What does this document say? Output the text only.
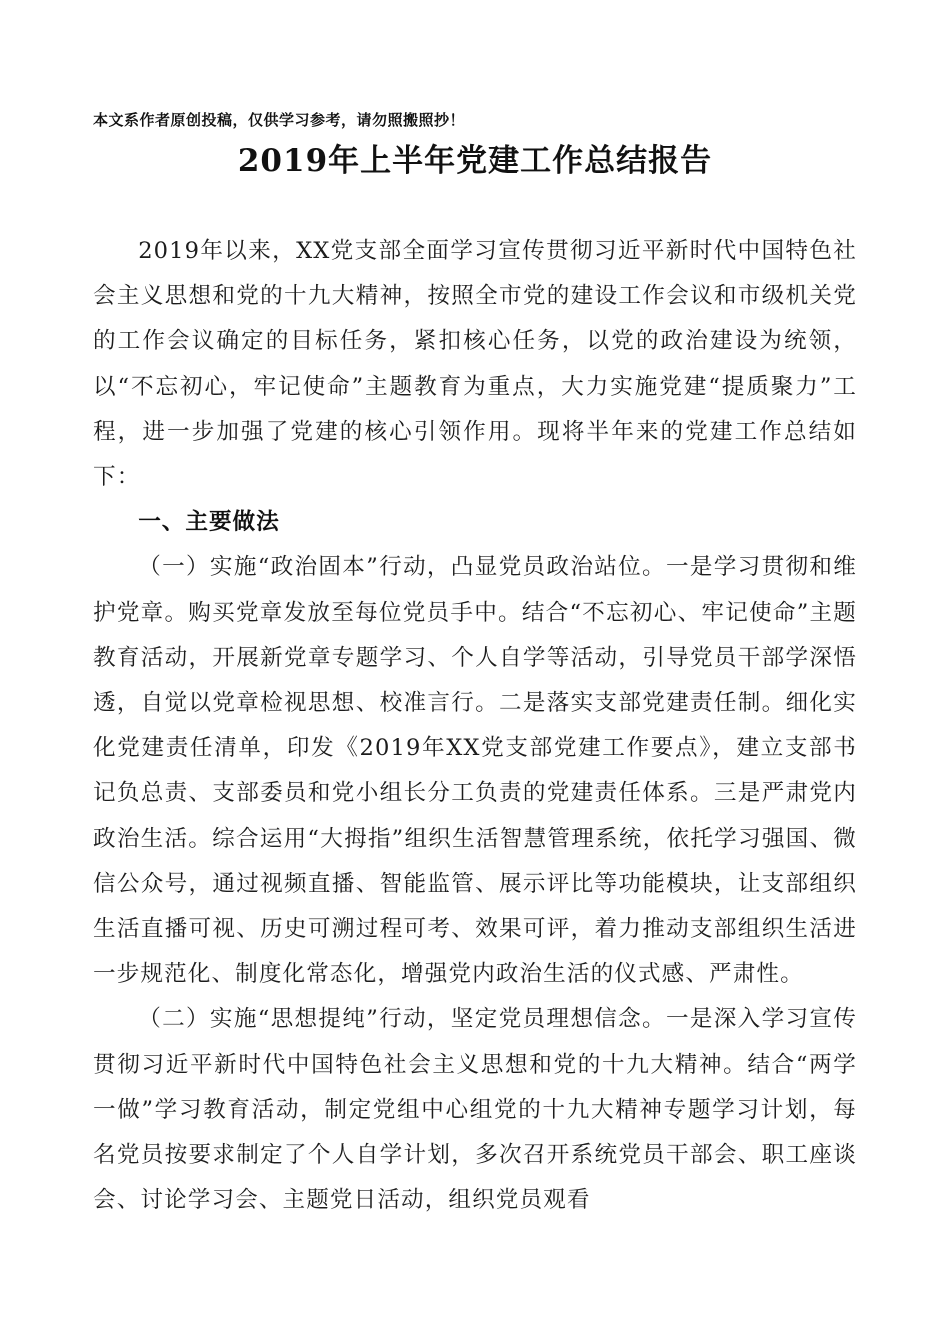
本文系作者原创投稿，仅供学习参考，请勿照搬照抄！
2019年上半年党建工作总结报告

2019年以来，XX党支部全面学习宣传贯彻习近平新时代中国特色社会主义思想和党的十九大精神，按照全市党的建设工作会议和市级机关党的工作会议确定的目标任务，紧扣核心任务，以党的政治建设为统领，以“不忘初心，牢记使命”主题教育为重点，大力实施党建“提质聚力”工程，进一步加强了党建的核心引领作用。现将半年来的党建工作总结如下：

一、主要做法

（一）实施“政治固本”行动，凸显党员政治站位。一是学习贯彻和维护党章。购买党章发放至每位党员手中。结合“不忘初心、牢记使命”主题教育活动，开展新党章专题学习、个人自学等活动，引导党员干部学深悟透，自觉以党章检视思想、校准言行。二是落实支部党建责任制。细化实化党建责任清单，印发《2019年XX党支部党建工作要点》，建立支部书记负总责、支部委员和党小组长分工负责的党建责任体系。三是严肃党内政治生活。综合运用“大拇指”组织生活智慧管理系统，依托学习强国、微信公众号，通过视频直播、智能监管、展示评比等功能模块，让支部组织生活直播可视、历史可溯过程可考、效果可评，着力推动支部组织生活进一步规范化、制度化常态化，增强党内政治生活的仪式感、严肃性。

（二）实施“思想提纯”行动，坚定党员理想信念。一是深入学习宣传贯彻习近平新时代中国特色社会主义思想和党的十九大精神。结合“两学一做”学习教育活动，制定党组中心组党的十九大精神专题学习计划，每名党员按要求制定了个人自学计划，多次召开系统党员干部会、职工座谈会、讨论学习会、主题党日活动，组织党员观看
